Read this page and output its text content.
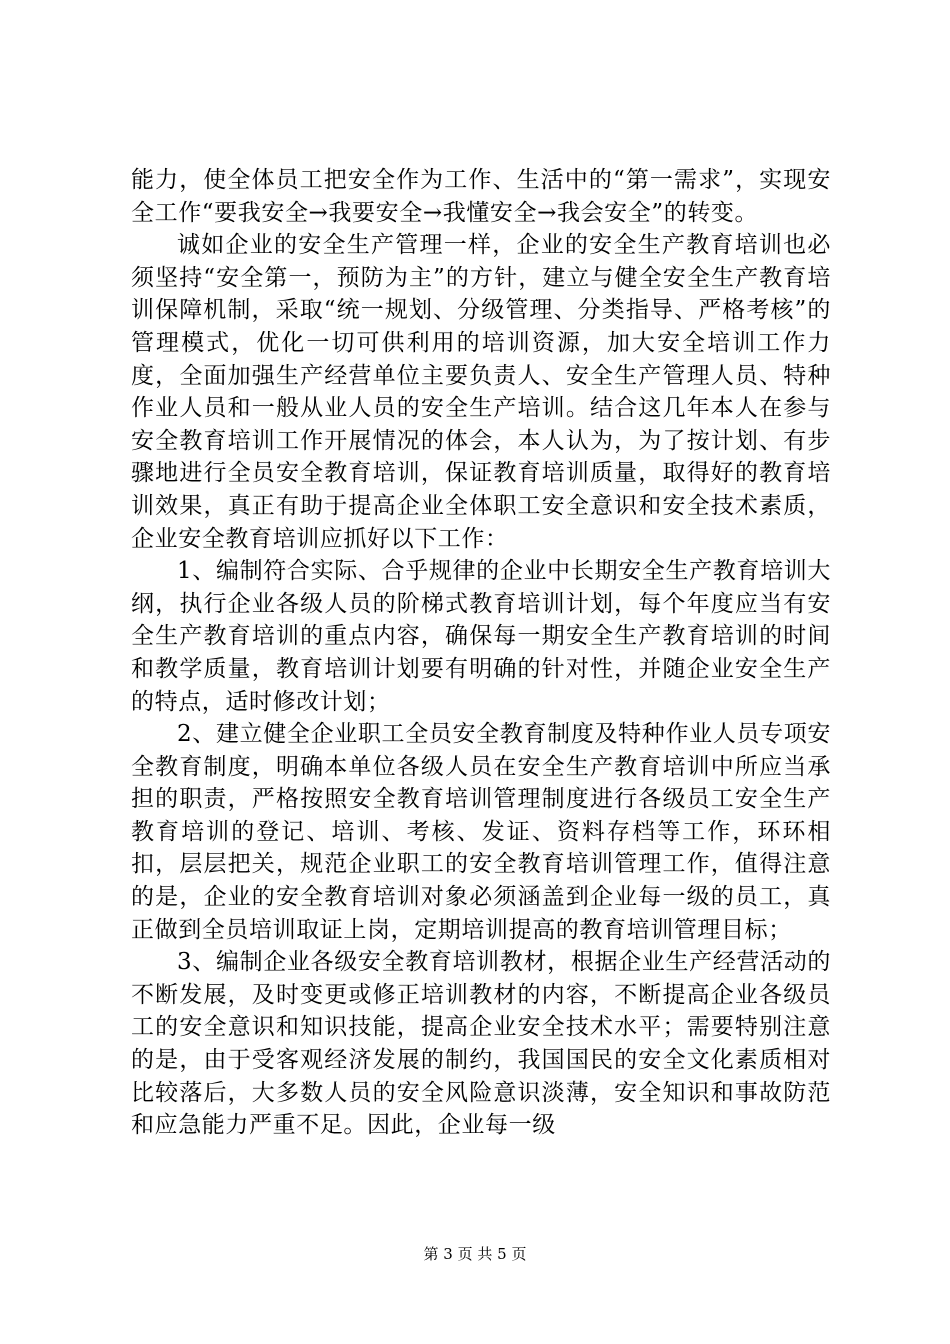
能力，使全体员工把安全作为工作、生活中的“第一需求”，实现安全工作“要我安全→我要安全→我懂安全→我会安全”的转变。

诚如企业的安全生产管理一样，企业的安全生产教育培训也必须坚持“安全第一，预防为主”的方针，建立与健全安全生产教育培训保障机制，采取“统一规划、分级管理、分类指导、严格考核”的管理模式，优化一切可供利用的培训资源，加大安全培训工作力度，全面加强生产经营单位主要负责人、安全生产管理人员、特种作业人员和一般从业人员的安全生产培训。结合这几年本人在参与安全教育培训工作开展情况的体会，本人认为，为了按计划、有步骤地进行全员安全教育培训，保证教育培训质量，取得好的教育培训效果，真正有助于提高企业全体职工安全意识和安全技术素质，企业安全教育培训应抓好以下工作：

1、编制符合实际、合乎规律的企业中长期安全生产教育培训大纲，执行企业各级人员的阶梯式教育培训计划，每个年度应当有安全生产教育培训的重点内容，确保每一期安全生产教育培训的时间和教学质量，教育培训计划要有明确的针对性，并随企业安全生产的特点，适时修改计划；

2、建立健全企业职工全员安全教育制度及特种作业人员专项安全教育制度，明确本单位各级人员在安全生产教育培训中所应当承担的职责，严格按照安全教育培训管理制度进行各级员工安全生产教育培训的登记、培训、考核、发证、资料存档等工作，环环相扣，层层把关，规范企业职工的安全教育培训管理工作，值得注意的是，企业的安全教育培训对象必须涵盖到企业每一级的员工，真正做到全员培训取证上岗，定期培训提高的教育培训管理目标；

3、编制企业各级安全教育培训教材，根据企业生产经营活动的不断发展，及时变更或修正培训教材的内容，不断提高企业各级员工的安全意识和知识技能，提高企业安全技术水平；需要特别注意的是，由于受客观经济发展的制约，我国国民的安全文化素质相对比较落后，大多数人员的安全风险意识淡薄，安全知识和事故防范和应急能力严重不足。因此，企业每一级

第 3 页 共 5 页
